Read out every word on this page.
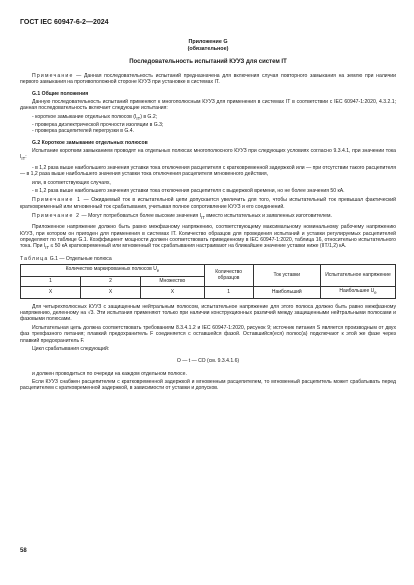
ГОСТ IEC 60947-6-2—2024
Приложение G
(обязательное)
Последовательность испытаний КУУЗ для систем IT

Примечание — Данная последовательность испытаний предназначена для включения случая повторного замыкания на землю при наличии первого замыкания на противоположной стороне КУУЗ при установке в системах IT.

G.1 Общие положения

Данную последовательность испытаний применяют к многополюсным КУУЗ для применения в системах IT в соответствии с IEC 60947-1:2020, 4.3.2.1; данная последовательность включает следующие испытания:

- короткое замыкание отдельных полюсов $(I_{IT})$ в G.2;
- проверка диэлектрической прочности изоляции в G.3;
- проверка расцепителей перегрузки в G.4.
G.2 Короткое замыкание отдельных полюсов

Испытание коротким замыканием проводят на отдельных полюсах многополюсного КУУЗ при следующих условиях согласно 9.3.4.1, при значении тока $I_{IT}$:

- в 1,2 раза выше наибольшего значения уставки тока отключения расцепителя с кратковременной задержкой или — при отсутствии такого расцепителя — в 1,2 раза выше наибольшего значения уставки тока отключения расцепителя мгновенного действия,

или, в соответствующих случаях,

- в 1,2 раза выше наибольшего значения уставки тока отключения расцепителя с выдержкой времени, но не более значения 50 кА.

Примечание 1 — Ожидаемый ток в испытательной цепи допускается увеличить для того, чтобы испытательный ток превышал фактический кратковременный или мгновенный ток срабатывания, учитывая полное сопротивление КУУЗ и его соединений.

Примечание 2 — Могут потребоваться более высокие значения $I_{IT}$ вместо испытательных и заявленных изготовителем.

Приложенное напряжение должно быть равно межфазному напряжению, соответствующему максимальному номинальному рабочему напряжению КУУЗ, при котором он пригоден для применения в системах IT. Количество образцов для проведения испытаний и уставки регулируемых расцепителей определяют по таблице G.1. Коэффициент мощности должен соответствовать приведенному в IEC 60947-1:2020, таблица 16, относительно испытательного тока. При $I_{IT} \le 50$ кА кратковременный или мгновенный ток срабатывания настраивают на ближайшее значение уставки ниже (IIT/1,2) кА.

Таблица G.1 — Отдельные полюса
Количество маркированных полюсов $U_e$			Количество образцов	Ток уставки	Испытательное напряжение
1	2	Множество			
X	X	X	1	Наибольший	Наибольшее $U_e$

Для четырехполюсных КУУЗ с защищенным нейтральным полюсом, испытательное напряжение для этого полюса должно быть равно межфазному напряжению, деленному на √3. Эти испытания применяют только при наличии конструкционных различий между защищенными нейтральными полюсами и фазовыми полюсами.

Испытательная цепь должна соответствовать требованиям 8.3.4.1.2 и IEC 60947-1:2020, рисунок 9; источник питания S является производным от двух фаз трехфазного питания; плавкий предохранитель F соединяется с оставшейся фазой. Оставшийся(еся) полюс(а) подключают к этой же фазе через плавкий предохранитель F.

Цикл срабатывания следующий:

О — t — СО (см. 9.3.4.1.6)

и должен проводиться по очереди на каждом отдельном полюсе.

Если КУУЗ снабжен расцепителем с кратковременной задержкой и мгновенным расцепителем, то мгновенный расцепитель может срабатывать перед расцепителем с кратковременной задержкой, в зависимости от уставки и допусков.

58
